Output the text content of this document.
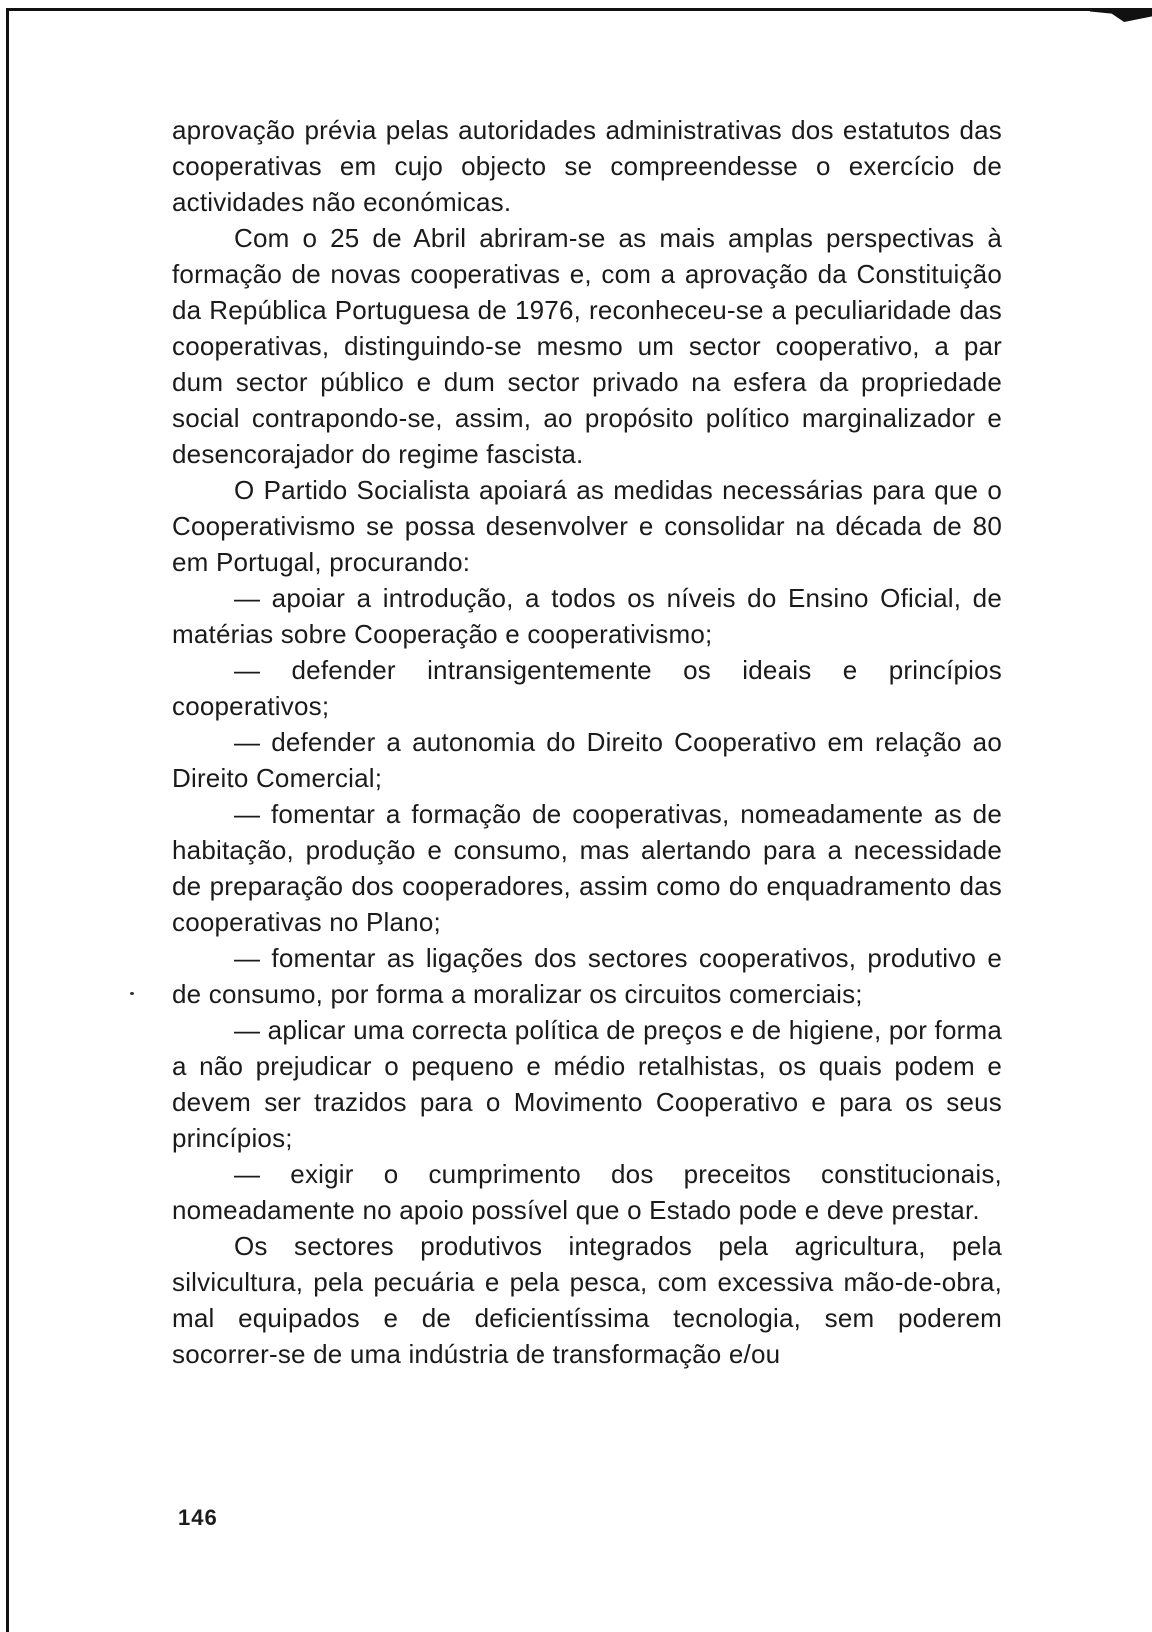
aprovação prévia pelas autoridades administrativas dos estatutos das cooperativas em cujo objecto se compreendesse o exercício de actividades não económicas.

Com o 25 de Abril abriram-se as mais amplas perspectivas à formação de novas cooperativas e, com a aprovação da Constituição da República Portuguesa de 1976, reconheceu-se a peculiaridade das cooperativas, distinguindo-se mesmo um sector cooperativo, a par dum sector público e dum sector privado na esfera da propriedade social contrapondo-se, assim, ao propósito político marginalizador e desencorajador do regime fascista.

O Partido Socialista apoiará as medidas necessárias para que o Cooperativismo se possa desenvolver e consolidar na década de 80 em Portugal, procurando:

— apoiar a introdução, a todos os níveis do Ensino Oficial, de matérias sobre Cooperação e cooperativismo;

— defender intransigentemente os ideais e princípios cooperativos;

— defender a autonomia do Direito Cooperativo em relação ao Direito Comercial;

— fomentar a formação de cooperativas, nomeadamente as de habitação, produção e consumo, mas alertando para a necessidade de preparação dos cooperadores, assim como do enquadramento das cooperativas no Plano;

— fomentar as ligações dos sectores cooperativos, produtivo e de consumo, por forma a moralizar os circuitos comerciais;

— aplicar uma correcta política de preços e de higiene, por forma a não prejudicar o pequeno e médio retalhistas, os quais podem e devem ser trazidos para o Movimento Cooperativo e para os seus princípios;

— exigir o cumprimento dos preceitos constitucionais, nomeadamente no apoio possível que o Estado pode e deve prestar.

Os sectores produtivos integrados pela agricultura, pela silvicultura, pela pecuária e pela pesca, com excessiva mão-de-obra, mal equipados e de deficientíssima tecnologia, sem poderem socorrer-se de uma indústria de transformação e/ou

146
